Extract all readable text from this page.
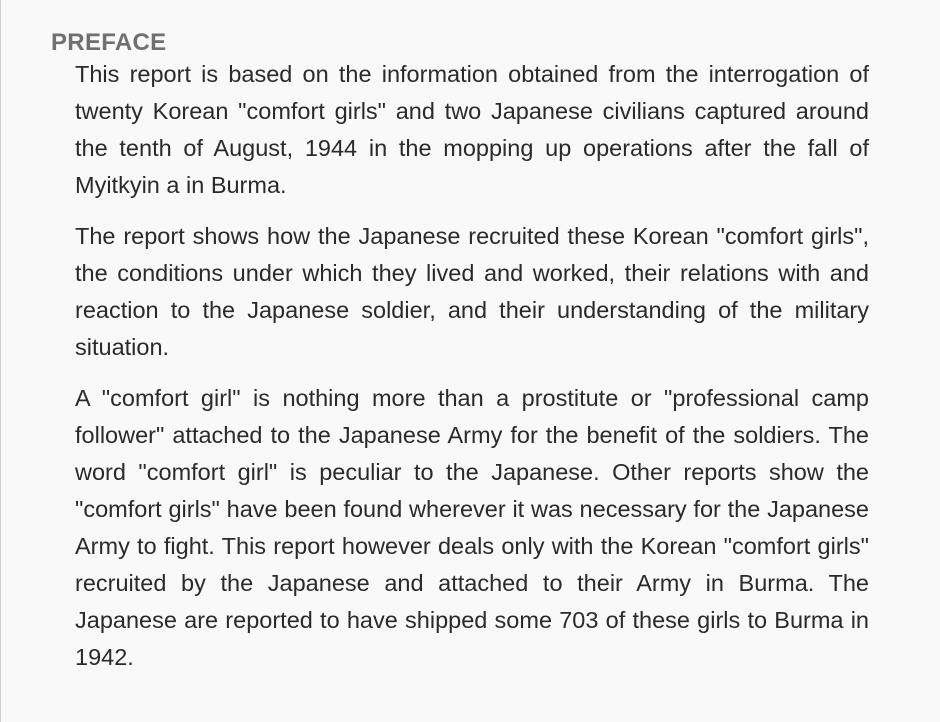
PREFACE

This report is based on the information obtained from the interrogation of twenty Korean "comfort girls" and two Japanese civilians captured around the tenth of August, 1944 in the mopping up operations after the fall of Myitkyin a in Burma.

The report shows how the Japanese recruited these Korean "comfort girls", the conditions under which they lived and worked, their relations with and reaction to the Japanese soldier, and their understanding of the military situation.

A "comfort girl" is nothing more than a prostitute or "professional camp follower" attached to the Japanese Army for the benefit of the soldiers. The word "comfort girl" is peculiar to the Japanese. Other reports show the "comfort girls" have been found wherever it was necessary for the Japanese Army to fight. This report however deals only with the Korean "comfort girls" recruited by the Japanese and attached to their Army in Burma. The Japanese are reported to have shipped some 703 of these girls to Burma in 1942.
